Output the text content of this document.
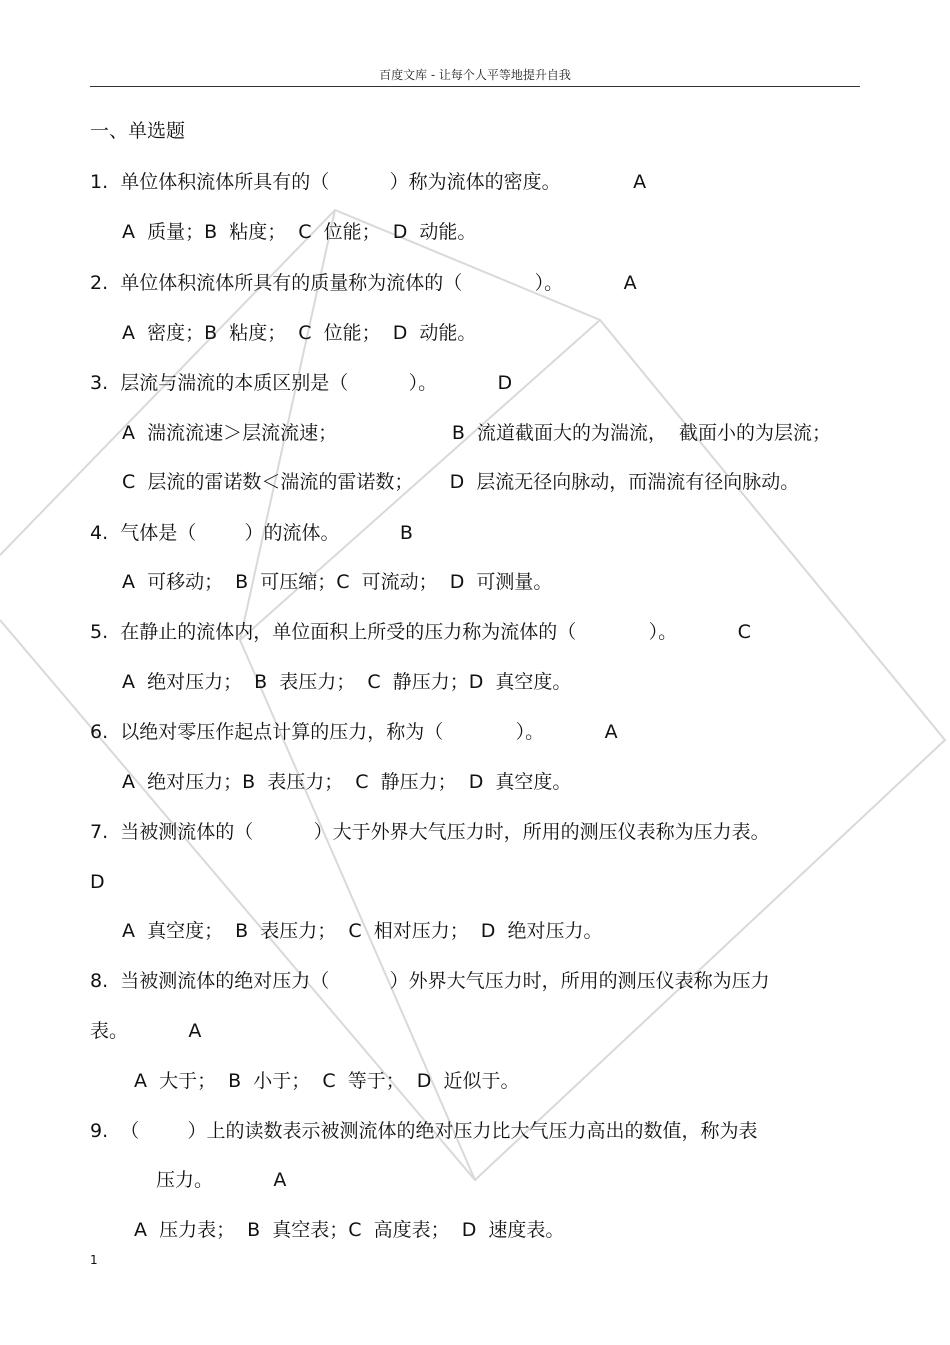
百度文库 - 让每个人平等地提升自我
一、单选题
1.  单位体积流体所具有的（          ）称为流体的密度。            A
A  质量；B  粘度；  C  位能；  D  动能。
2.  单位体积流体所具有的质量称为流体的（            ）。          A
A  密度；B  粘度；  C  位能；  D  动能。
3.  层流与湍流的本质区别是（          ）。          D
A  湍流流速＞层流流速；                   B  流道截面大的为湍流，  截面小的为层流；
C  层流的雷诺数＜湍流的雷诺数；      D  层流无径向脉动，而湍流有径向脉动。
4.  气体是（        ）的流体。          B
A  可移动；  B  可压缩；C  可流动；  D  可测量。
5.  在静止的流体内，单位面积上所受的压力称为流体的（            ）。          C
A  绝对压力；  B  表压力；  C  静压力；D  真空度。
6.  以绝对零压作起点计算的压力，称为（            ）。          A
A  绝对压力；B  表压力；  C  静压力；  D  真空度。
7.  当被测流体的（          ）大于外界大气压力时，所用的测压仪表称为压力表。
D
A  真空度；  B  表压力；  C  相对压力；  D  绝对压力。
8.  当被测流体的绝对压力（          ）外界大气压力时，所用的测压仪表称为压力
表。          A
A  大于；  B  小于；  C  等于；  D  近似于。
9.  （        ）上的读数表示被测流体的绝对压力比大气压力高出的数值，称为表
压力。          A
A  压力表；  B  真空表；C  高度表；  D  速度表。
1
